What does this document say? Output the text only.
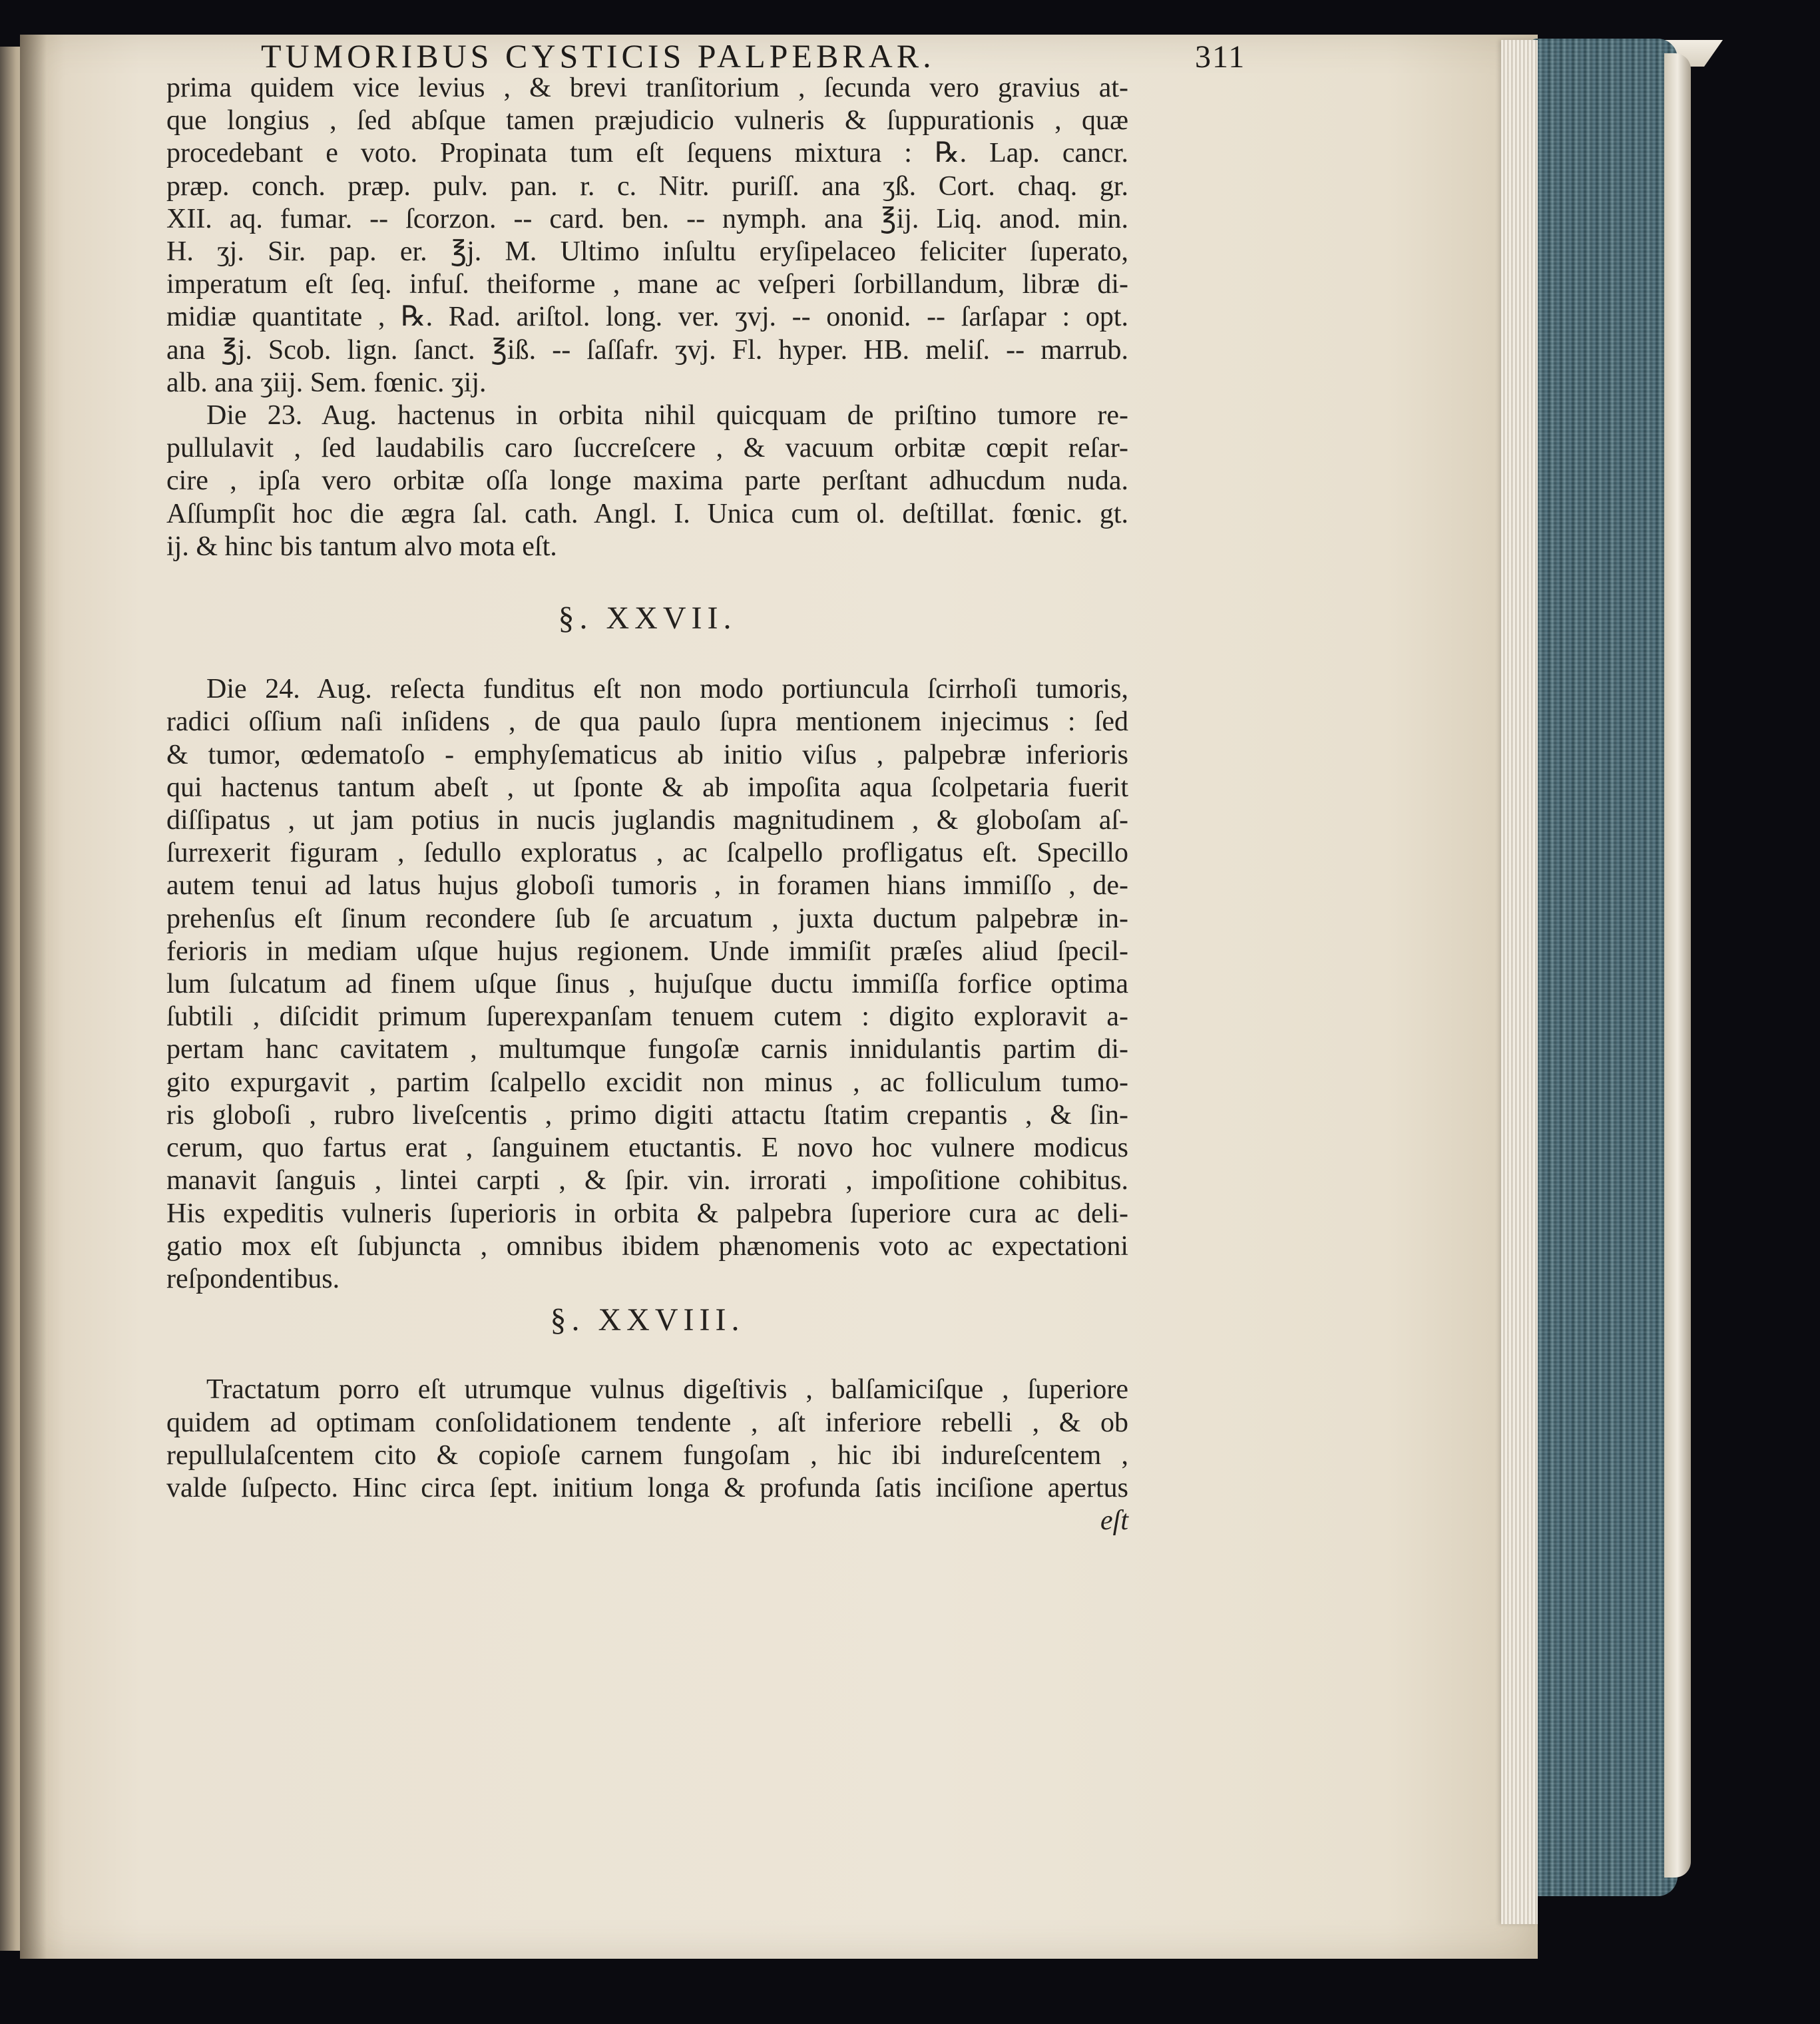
TUMORIBUS CYSTICIS PALPEBRAR.	311
prima quidem vice levius , & brevi tranſitorium , ſecunda vero gravius at-
que longius , ſed abſque tamen præjudicio vulneris & ſuppurationis , quæ
procedebant e voto. Propinata tum eſt ſequens mixtura : ℞. Lap. cancr.
præp. conch. præp. pulv. pan. r. c. Nitr. puriſſ. ana ʒß. Cort. chaq. gr.
XII. aq. fumar. -- ſcorzon. -- card. ben. -- nymph. ana ℥ij. Liq. anod. min.
H. ʒj. Sir. pap. er. ℥j. M. Ultimo inſultu eryſipelaceo feliciter ſuperato,
imperatum eſt ſeq. infuſ. theiforme , mane ac veſperi ſorbillandum, libræ di-
midiæ quantitate , ℞. Rad. ariſtol. long. ver. ʒvj. -- ononid. -- ſarſapar : opt.
ana ℥j. Scob. lign. ſanct. ℥iß. -- ſaſſafr. ʒvj. Fl. hyper. HB. meliſ. -- marrub.
alb. ana ʒiij. Sem. fœnic. ʒij.
Die 23. Aug. hactenus in orbita nihil quicquam de priſtino tumore re-
pullulavit , ſed laudabilis caro ſuccreſcere , & vacuum orbitæ cœpit reſar-
cire , ipſa vero orbitæ oſſa longe maxima parte perſtant adhucdum nuda.
Aſſumpſit hoc die ægra ſal. cath. Angl. I. Unica cum ol. deſtillat. fœnic. gt.
ij. & hinc bis tantum alvo mota eſt.
§. XXVII.
Die 24. Aug. reſecta funditus eſt non modo portiuncula ſcirrhoſi tumoris,
radici oſſium naſi inſidens , de qua paulo ſupra mentionem injecimus : ſed
& tumor, œdematoſo - emphyſematicus ab initio viſus , palpebræ inferioris
qui hactenus tantum abeſt , ut ſponte & ab impoſita aqua ſcolpetaria fuerit
diſſipatus , ut jam potius in nucis juglandis magnitudinem , & globoſam aſ-
ſurrexerit figuram , ſedullo exploratus , ac ſcalpello profligatus eſt. Specillo
autem tenui ad latus hujus globoſi tumoris , in foramen hians immiſſo , de-
prehenſus eſt ſinum recondere ſub ſe arcuatum , juxta ductum palpebræ in-
ferioris in mediam uſque hujus regionem. Unde immiſit præſes aliud ſpecil-
lum ſulcatum ad finem uſque ſinus , hujuſque ductu immiſſa forfice optima
ſubtili , diſcidit primum ſuperexpanſam tenuem cutem : digito exploravit a-
pertam hanc cavitatem , multumque fungoſæ carnis innidulantis partim di-
gito expurgavit , partim ſcalpello excidit non minus , ac folliculum tumo-
ris globoſi , rubro liveſcentis , primo digiti attactu ſtatim crepantis , & ſin-
cerum, quo fartus erat , ſanguinem etuctantis. E novo hoc vulnere modicus
manavit ſanguis , lintei carpti , & ſpir. vin. irrorati , impoſitione cohibitus.
His expeditis vulneris ſuperioris in orbita & palpebra ſuperiore cura ac deli-
gatio mox eſt ſubjuncta , omnibus ibidem phænomenis voto ac expectationi
reſpondentibus.
§. XXVIII.
Tractatum porro eſt utrumque vulnus digeſtivis , balſamiciſque , ſuperiore
quidem ad optimam conſolidationem tendente , aſt inferiore rebelli , & ob
repullulaſcentem cito & copioſe carnem fungoſam , hic ibi indureſcentem ,
valde ſuſpecto. Hinc circa ſept. initium longa & profunda ſatis inciſione apertus
eſt
